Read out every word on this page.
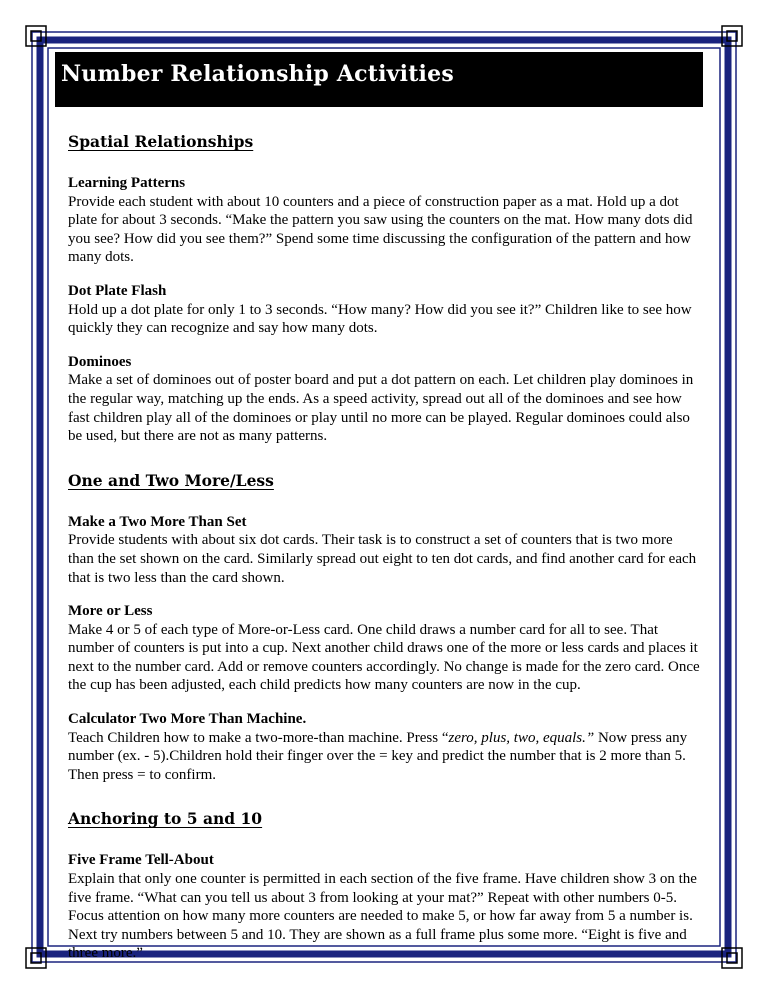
Number Relationship Activities
Spatial Relationships
Learning Patterns

Provide each student with about 10 counters and a piece of construction paper as a mat. Hold up a dot plate for about 3 seconds. “Make the pattern you saw using the counters on the mat. How many dots did you see? How did you see them?” Spend some time discussing the configuration of the pattern and how many dots.

Dot Plate Flash

Hold up a dot plate for only 1 to 3 seconds. “How many? How did you see it?” Children like to see how quickly they can recognize and say how many dots.

Dominoes

Make a set of dominoes out of poster board and put a dot pattern on each. Let children play dominoes in the regular way, matching up the ends. As a speed activity, spread out all of the dominoes and see how fast children play all of the dominoes or play until no more can be played. Regular dominoes could also be used, but there are not as many patterns.

One and Two More/Less
Make a Two More Than Set

Provide students with about six dot cards. Their task is to construct a set of counters that is two more than the set shown on the card. Similarly spread out eight to ten dot cards, and find another card for each that is two less than the card shown.

More or Less

Make 4 or 5 of each type of More-or-Less card. One child draws a number card for all to see. That number of counters is put into a cup. Next another child draws one of the more or less cards and places it next to the number card. Add or remove counters accordingly. No change is made for the zero card. Once the cup has been adjusted, each child predicts how many counters are now in the cup.

Calculator Two More Than Machine.

Teach Children how to make a two-more-than machine. Press “zero, plus, two, equals.” Now press any number (ex. - 5).Children hold their finger over the = key and predict the number that is 2 more than 5. Then press = to confirm.

Anchoring to 5 and 10
Five Frame Tell-About

Explain that only one counter is permitted in each section of the five frame. Have children show 3 on the five frame. “What can you tell us about 3 from looking at your mat?” Repeat with other numbers 0-5. Focus attention on how many more counters are needed to make 5, or how far away from 5 a number is. Next try numbers between 5 and 10. They are shown as a full frame plus some more. “Eight is five and three more.”
